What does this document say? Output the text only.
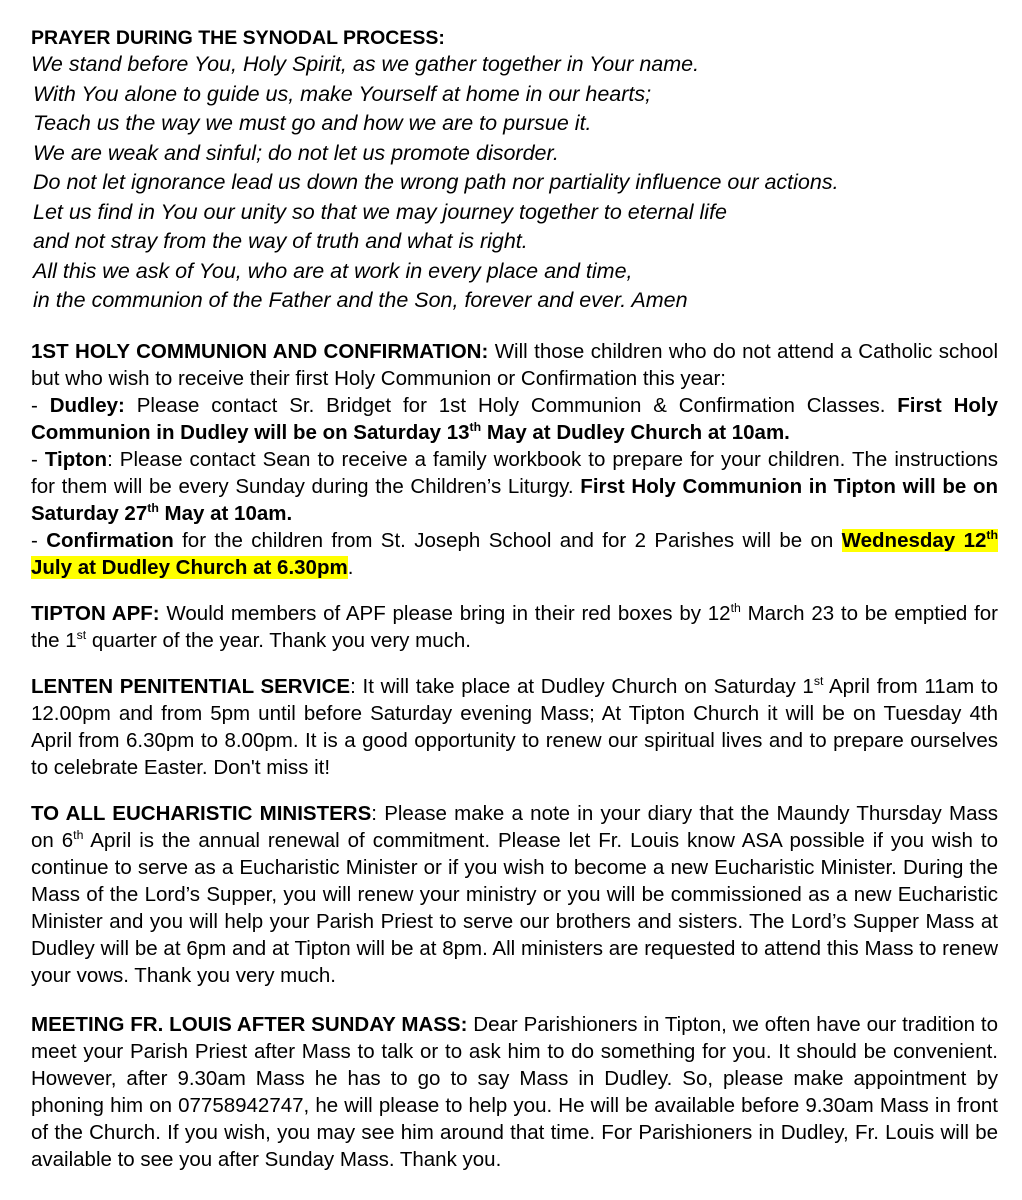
PRAYER DURING THE SYNODAL PROCESS:

We stand before You, Holy Spirit, as we gather together in Your name.
With You alone to guide us, make Yourself at home in our hearts;
Teach us the way we must go and how we are to pursue it.
We are weak and sinful; do not let us promote disorder.
Do not let ignorance lead us down the wrong path nor partiality influence our actions.
Let us find in You our unity so that we may journey together to eternal life
and not stray from the way of truth and what is right.
All this we ask of You, who are at work in every place and time,
in the communion of the Father and the Son, forever and ever. Amen

1ST HOLY COMMUNION AND CONFIRMATION: Will those children who do not attend a Catholic school but who wish to receive their first Holy Communion or Confirmation this year:

- Dudley: Please contact Sr. Bridget for 1st Holy Communion & Confirmation Classes. First Holy Communion in Dudley will be on Saturday 13th May at Dudley Church at 10am.

- Tipton: Please contact Sean to receive a family workbook to prepare for your children. The instructions for them will be every Sunday during the Children’s Liturgy. First Holy Communion in Tipton will be on Saturday 27th May at 10am.

- Confirmation for the children from St. Joseph School and for 2 Parishes will be on Wednesday 12th July at Dudley Church at 6.30pm.

TIPTON APF: Would members of APF please bring in their red boxes by 12th March 23 to be emptied for the 1st quarter of the year. Thank you very much.

LENTEN PENITENTIAL SERVICE: It will take place at Dudley Church on Saturday 1st April from 11am to 12.00pm and from 5pm until before Saturday evening Mass; At Tipton Church it will be on Tuesday 4th April from 6.30pm to 8.00pm. It is a good opportunity to renew our spiritual lives and to prepare ourselves to celebrate Easter. Don't miss it!

TO ALL EUCHARISTIC MINISTERS: Please make a note in your diary that the Maundy Thursday Mass on 6th April is the annual renewal of commitment. Please let Fr. Louis know ASA possible if you wish to continue to serve as a Eucharistic Minister or if you wish to become a new Eucharistic Minister. During the Mass of the Lord’s Supper, you will renew your ministry or you will be commissioned as a new Eucharistic Minister and you will help your Parish Priest to serve our brothers and sisters. The Lord’s Supper Mass at Dudley will be at 6pm and at Tipton will be at 8pm. All ministers are requested to attend this Mass to renew your vows. Thank you very much.

MEETING FR. LOUIS AFTER SUNDAY MASS: Dear Parishioners in Tipton, we often have our tradition to meet your Parish Priest after Mass to talk or to ask him to do something for you. It should be convenient. However, after 9.30am Mass he has to go to say Mass in Dudley. So, please make appointment by phoning him on 07758942747, he will please to help you. He will be available before 9.30am Mass in front of the Church. If you wish, you may see him around that time. For Parishioners in Dudley, Fr. Louis will be available to see you after Sunday Mass. Thank you.
